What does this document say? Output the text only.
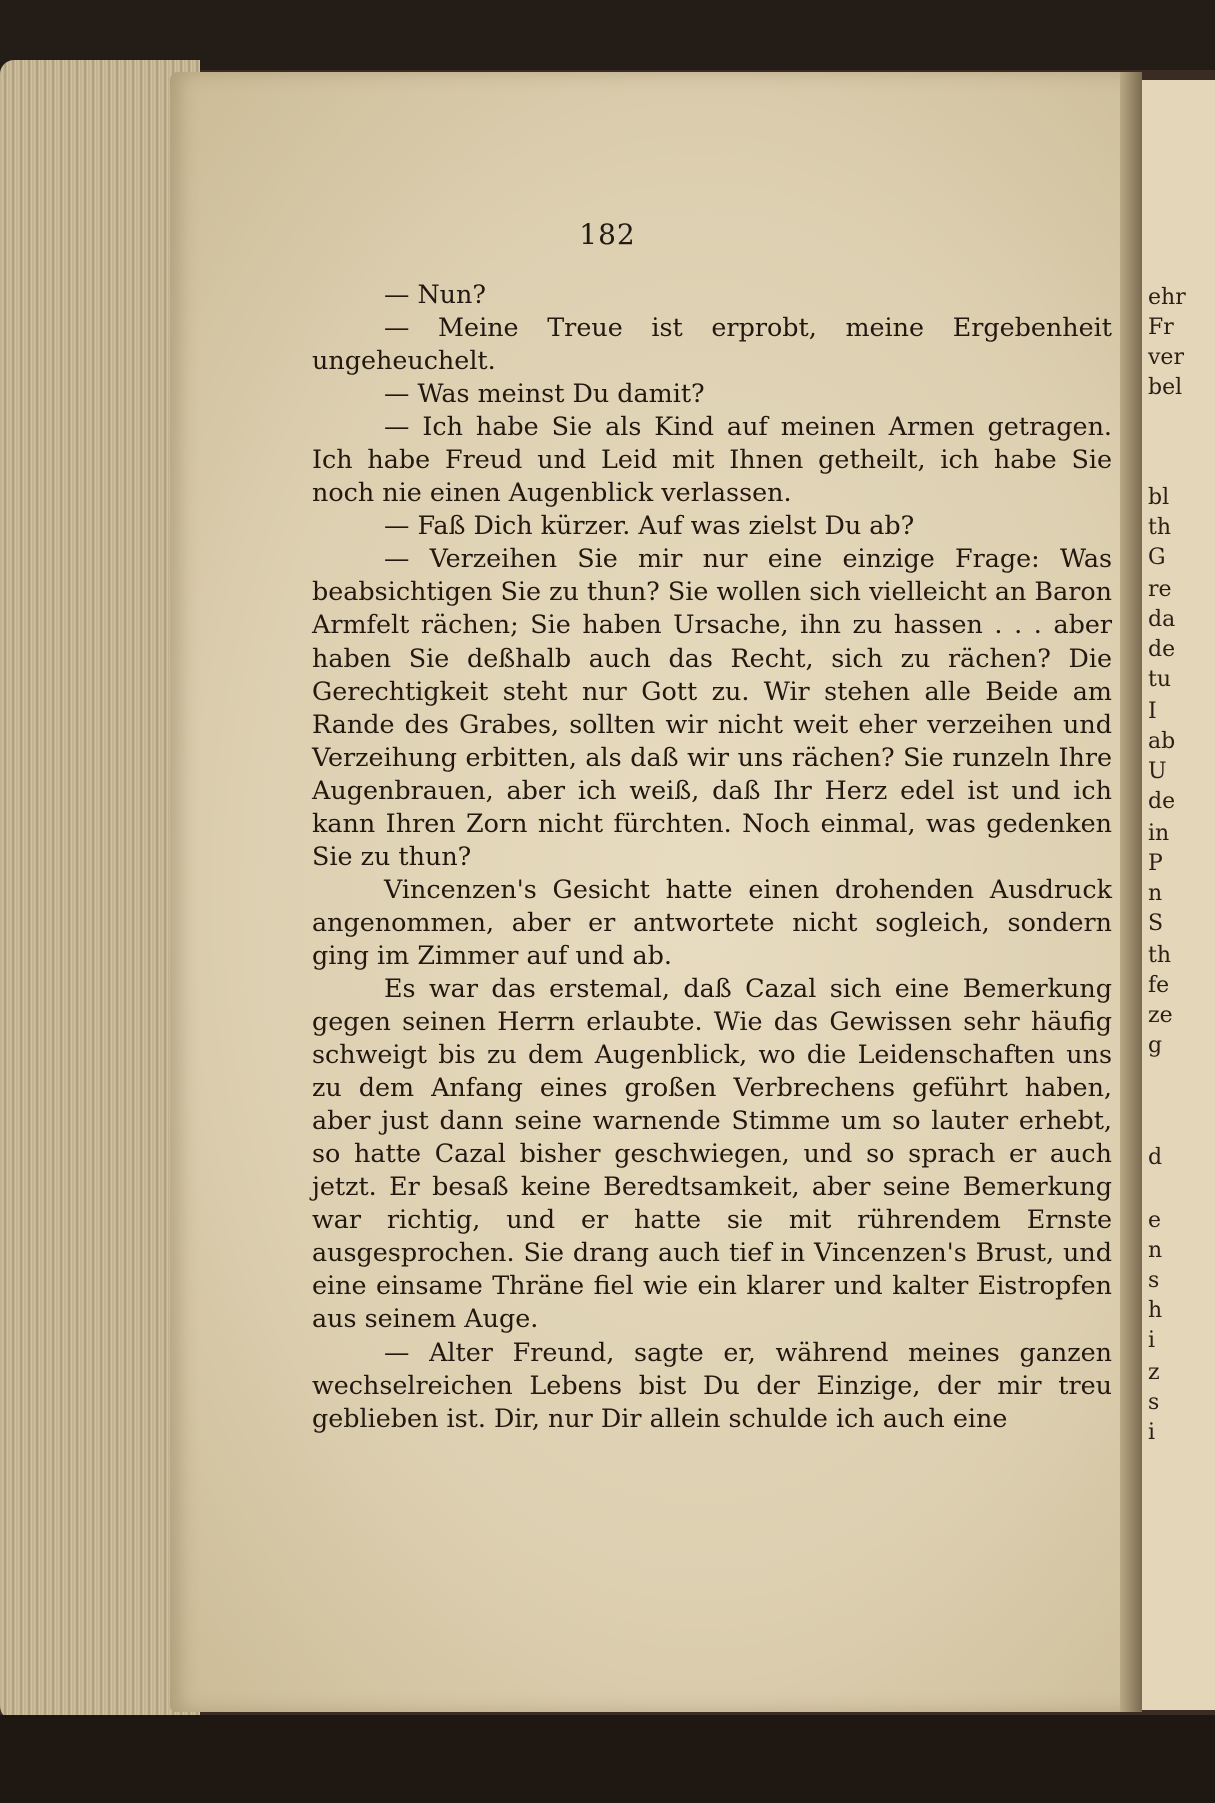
ehr
Fr
ver
bel
bl
th
G
re
da
de
tu
I
ab
U
de
in
P
n
S
th
fe
ze
g
d
e
n
s
h
i
z
s
i
182

— Nun?

— Meine Treue ist erprobt, meine Ergebenheit ungeheuchelt.

— Was meinst Du damit?

— Ich habe Sie als Kind auf meinen Armen getragen. Ich habe Freud und Leid mit Ihnen getheilt, ich habe Sie noch nie einen Augenblick verlassen.

— Faß Dich kürzer. Auf was zielst Du ab?

— Verzeihen Sie mir nur eine einzige Frage: Was beabsichtigen Sie zu thun? Sie wollen sich vielleicht an Baron Armfelt rächen; Sie haben Ursache, ihn zu hassen . . . aber haben Sie deßhalb auch das Recht, sich zu rächen? Die Gerechtigkeit steht nur Gott zu. Wir stehen alle Beide am Rande des Grabes, sollten wir nicht weit eher verzeihen und Verzeihung erbitten, als daß wir uns rächen? Sie runzeln Ihre Augenbrauen, aber ich weiß, daß Ihr Herz edel ist und ich kann Ihren Zorn nicht fürchten. Noch einmal, was gedenken Sie zu thun?

Vincenzen's Gesicht hatte einen drohenden Ausdruck angenommen, aber er antwortete nicht sogleich, sondern ging im Zimmer auf und ab.

Es war das erstemal, daß Cazal sich eine Bemerkung gegen seinen Herrn erlaubte. Wie das Gewissen sehr häufig schweigt bis zu dem Augenblick, wo die Leidenschaften uns zu dem Anfang eines großen Verbrechens geführt haben, aber just dann seine warnende Stimme um so lauter erhebt, so hatte Cazal bisher geschwiegen, und so sprach er auch jetzt. Er besaß keine Beredtsamkeit, aber seine Bemerkung war richtig, und er hatte sie mit rührendem Ernste ausgesprochen. Sie drang auch tief in Vincenzen's Brust, und eine einsame Thräne fiel wie ein klarer und kalter Eistropfen aus seinem Auge.

— Alter Freund, sagte er, während meines ganzen wechselreichen Lebens bist Du der Einzige, der mir treu geblieben ist. Dir, nur Dir allein schulde ich auch eine
